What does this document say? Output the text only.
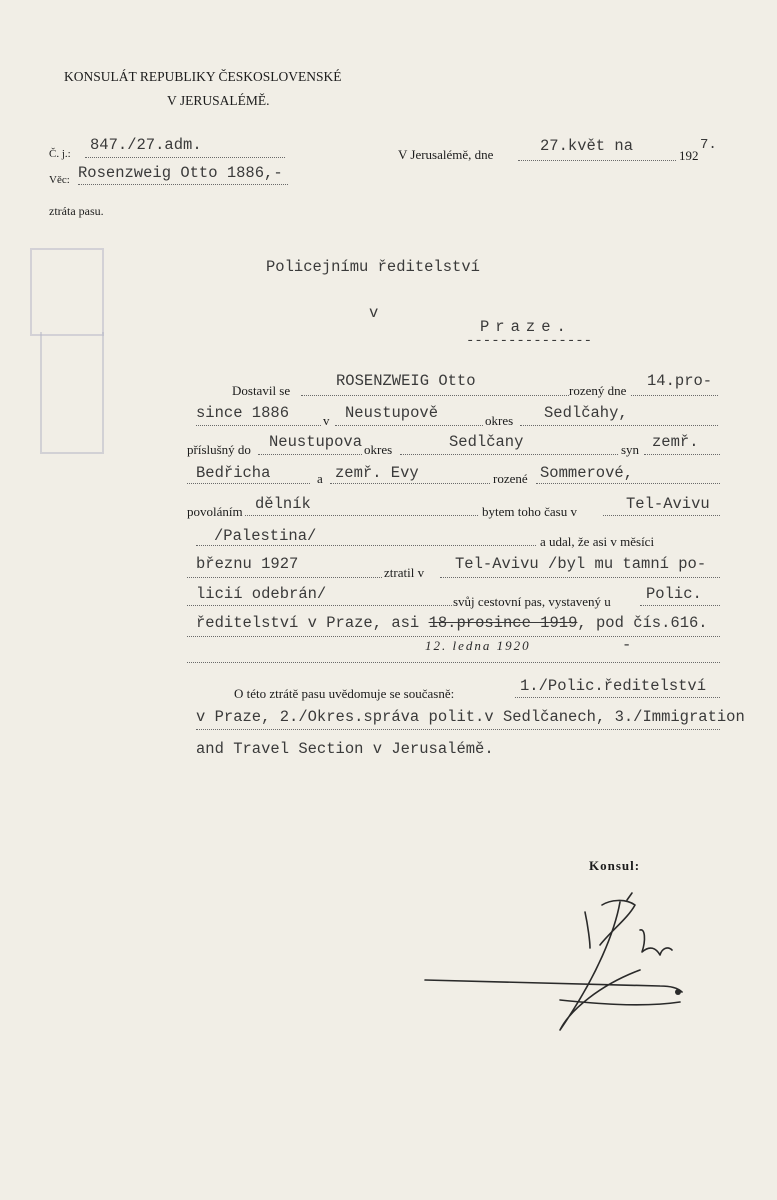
KONSULÁT REPUBLIKY ČESKOSLOVENSKÉ
V JERUSALÉMĚ.
Č. j.: 847./27.adm.
Věc: Rosenzweig Otto 1886,-
ztráta pasu.
V Jerusalémě, dne	27.květ na
192
7.
Policejnímu ředitelství
v
Praze.
---------------
Dostavil se
ROSENZWEIG Otto
rozený dne
14.pro-
since 1886	v Neustupově	okres Sedlčahy,
příslušný do Neustupova okres	Sedlčany	syn zemř.
Bedřicha	a zemř. Evy	rozené Sommerové,
povoláním dělník	bytem toho času v	Tel-Avivu
/Palestina/	a udal, že asi v měsíci
březnu 1927	ztratil v Tel-Avivu /byl mu tamní po-
licií odebrán/	svůj cestovní pas, vystavený u Polic.
ředitelství v Praze, asi 18.prosince 1919, pod čís.616.
12. ledna 1920	-
O této ztrátě pasu uvědomuje se současně:	1./Polic.ředitelství
v Praze, 2./Okres.správa polit.v Sedlčanech, 3./Immigration
and Travel Section v Jerusalémě.
Konsul:
